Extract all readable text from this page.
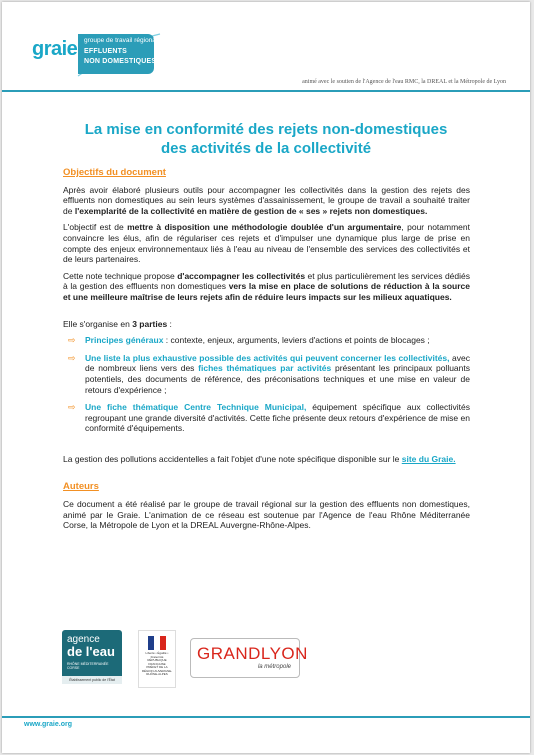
graie groupe de travail régional
EFFLUENTS
NON DOMESTIQUES
animé avec le soutien de l'Agence de l'eau RMC, la DREAL et la Métropole de Lyon
La mise en conformité des rejets non-domestiques
des activités de la collectivité
Objectifs du document

Après avoir élaboré plusieurs outils pour accompagner les collectivités dans la gestion des rejets des effluents non domestiques au sein leurs systèmes d'assainissement, le groupe de travail a souhaité traiter de l'exemplarité de la collectivité en matière de gestion de « ses » rejets non domestiques.

L'objectif est de mettre à disposition une méthodologie doublée d'un argumentaire, pour notamment convaincre les élus, afin de régulariser ces rejets et d'impulser une dynamique plus large de prise en compte des enjeux environnementaux liés à l'eau au niveau de l'ensemble des services des collectivités et de leurs partenaires.

Cette note technique propose d'accompagner les collectivités et plus particulièrement les services dédiés à la gestion des effluents non domestiques vers la mise en place de solutions de réduction à la source et une meilleure maîtrise de leurs rejets afin de réduire leurs impacts sur les milieux aquatiques.

Elle s'organise en 3 parties :

⇨ Principes généraux : contexte, enjeux, arguments, leviers d'actions et points de blocages ;
⇨ Une liste la plus exhaustive possible des activités qui peuvent concerner les collectivités, avec de nombreux liens vers des fiches thématiques par activités présentant les principaux polluants potentiels, des documents de référence, des préconisations techniques et une mise en valeur de retours d'expérience ;
⇨ Une fiche thématique Centre Technique Municipal, équipement spécifique aux collectivités regroupant une grande diversité d'activités. Cette fiche présente deux retours d'expérience de mise en conformité d'équipements.

La gestion des pollutions accidentelles a fait l'objet d'une note spécifique disponible sur le site du Graie.

Auteurs

Ce document a été réalisé par le groupe de travail régional sur la gestion des effluents non domestiques, animé par le Graie. L'animation de ce réseau est soutenue par l'Agence de l'eau Rhône Méditerranée Corse, la Métropole de Lyon et la DREAL Auvergne-Rhône-Alpes.

agence
de l'eau
RHÔNE MÉDITERRANÉE CORSE
Établissement public de l'État
Liberté • Égalité • Fraternité RÉPUBLIQUE FRANÇAISE
PRÉFET DE LA RÉGION AUVERGNE-RHÔNE-ALPES
GRANDLYON
la métropole
www.graie.org
